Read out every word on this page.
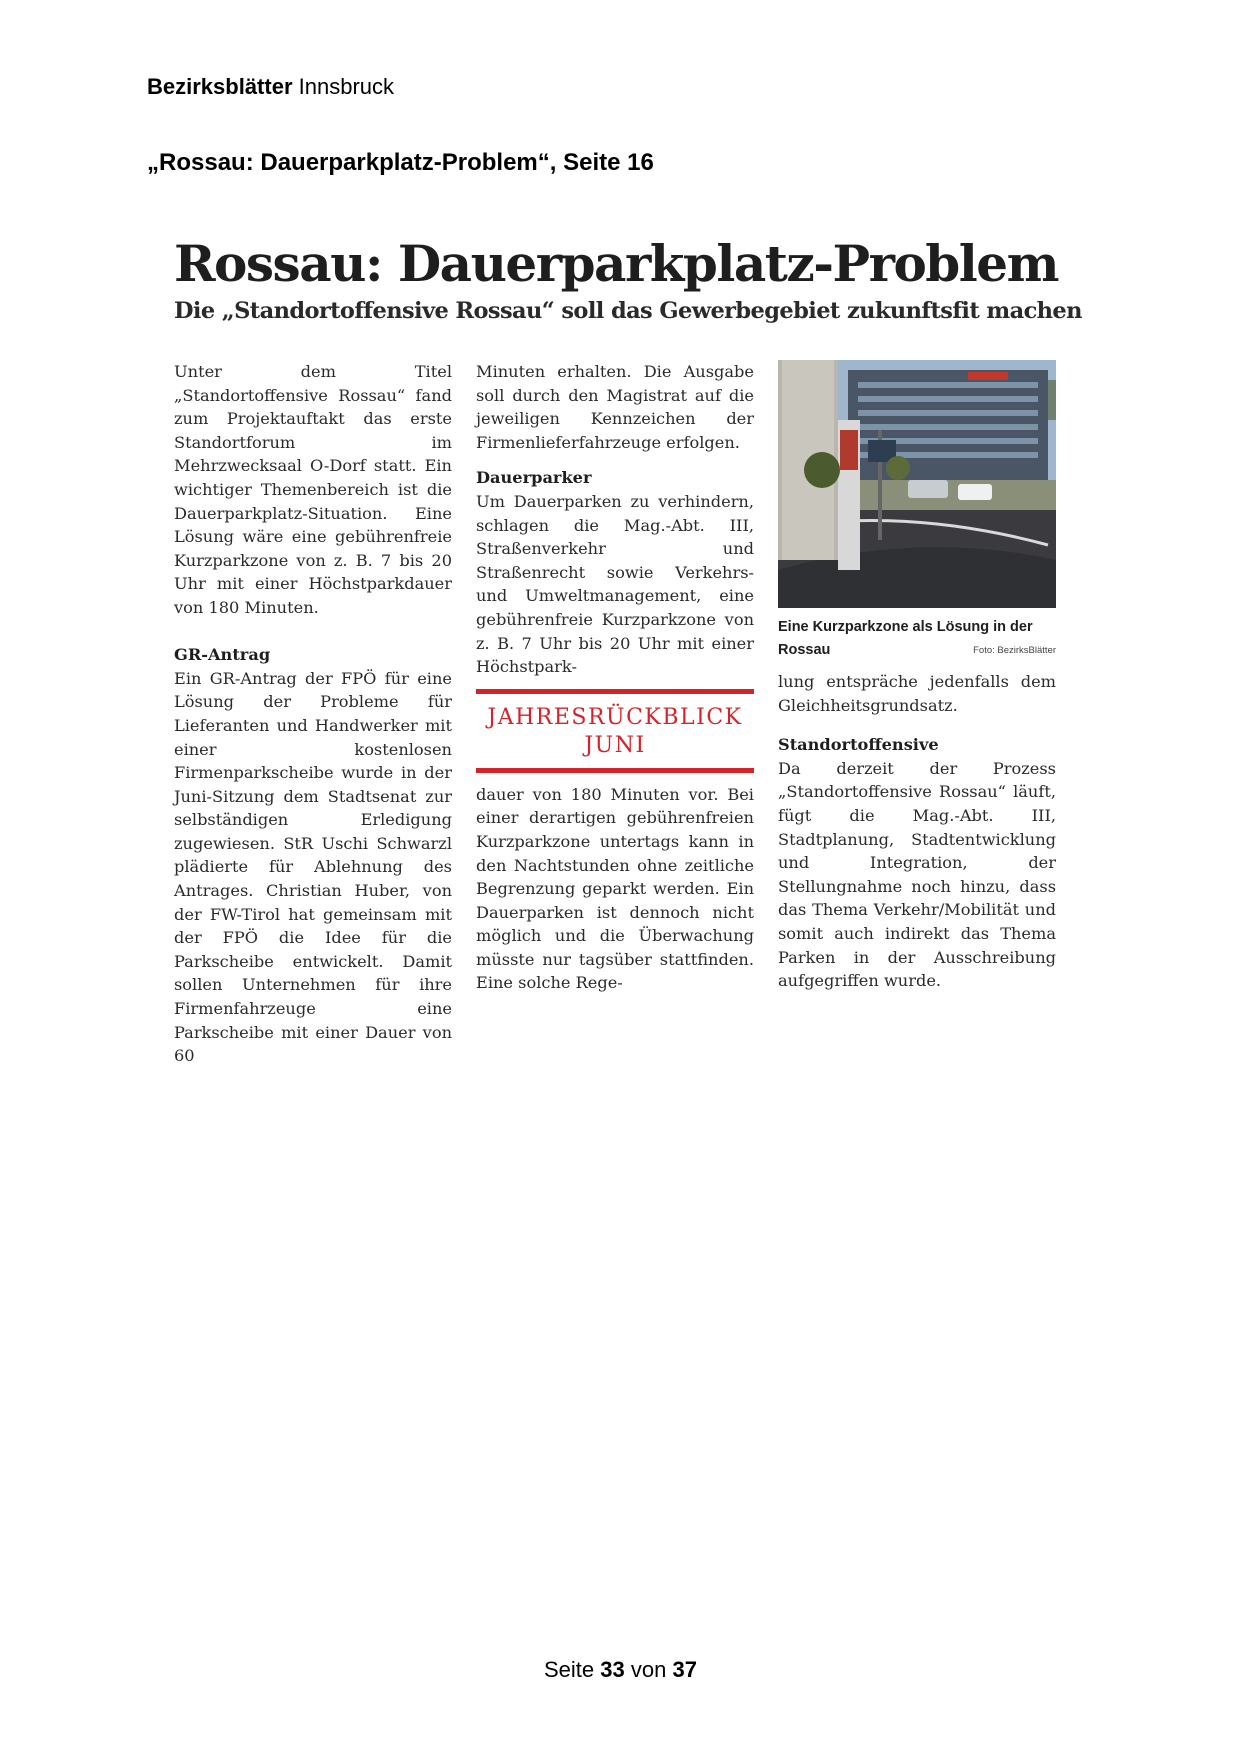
Bezirksblätter Innsbruck
„Rossau: Dauerparkplatz-Problem“, Seite 16
Rossau: Dauerparkplatz-Problem
Die „Standortoffensive Rossau“ soll das Gewerbegebiet zukunftsfit machen

Unter dem Titel „Standortoffensive Rossau“ fand zum Projektauftakt das erste Standortforum im Mehrzwecksaal O-Dorf statt. Ein wichtiger Themenbereich ist die Dauerparkplatz-Situation. Eine Lösung wäre eine gebührenfreie Kurzparkzone von z. B. 7 bis 20 Uhr mit einer Höchstparkdauer von 180 Minuten.

GR-Antrag

Ein GR-Antrag der FPÖ für eine Lösung der Probleme für Lieferanten und Handwerker mit einer kostenlosen Firmenparkscheibe wurde in der Juni-Sitzung dem Stadtsenat zur selbständigen Erledigung zugewiesen. StR Uschi Schwarzl plädierte für Ablehnung des Antrages. Christian Huber, von der FW-Tirol hat gemeinsam mit der FPÖ die Idee für die Parkscheibe entwickelt. Damit sollen Unternehmen für ihre Firmenfahrzeuge eine Parkscheibe mit einer Dauer von 60

Minuten erhalten. Die Ausgabe soll durch den Magistrat auf die jeweiligen Kennzeichen der Firmenlieferfahrzeuge erfolgen.

Dauerparker

Um Dauerparken zu verhindern, schlagen die Mag.-Abt. III, Straßenverkehr und Straßenrecht sowie Verkehrs- und Umweltmanagement, eine gebührenfreie Kurzparkzone von z. B. 7 Uhr bis 20 Uhr mit einer Höchstpark-

JAHRESRÜCKBLICK
JUNI

dauer von 180 Minuten vor. Bei einer derartigen gebührenfreien Kurzparkzone untertags kann in den Nachtstunden ohne zeitliche Begrenzung geparkt werden. Ein Dauerparken ist dennoch nicht möglich und die Überwachung müsste nur tagsüber stattfinden. Eine solche Rege-

Eine Kurzparkzone als Lösung in der Rossau	Foto: BezirksBlätter

lung entspräche jedenfalls dem Gleichheitsgrundsatz.

Standortoffensive

Da derzeit der Prozess „Standortoffensive Rossau“ läuft, fügt die Mag.-Abt. III, Stadtplanung, Stadtentwicklung und Integration, der Stellungnahme noch hinzu, dass das Thema Verkehr/Mobilität und somit auch indirekt das Thema Parken in der Ausschreibung aufgegriffen wurde.

Seite 33 von 37
